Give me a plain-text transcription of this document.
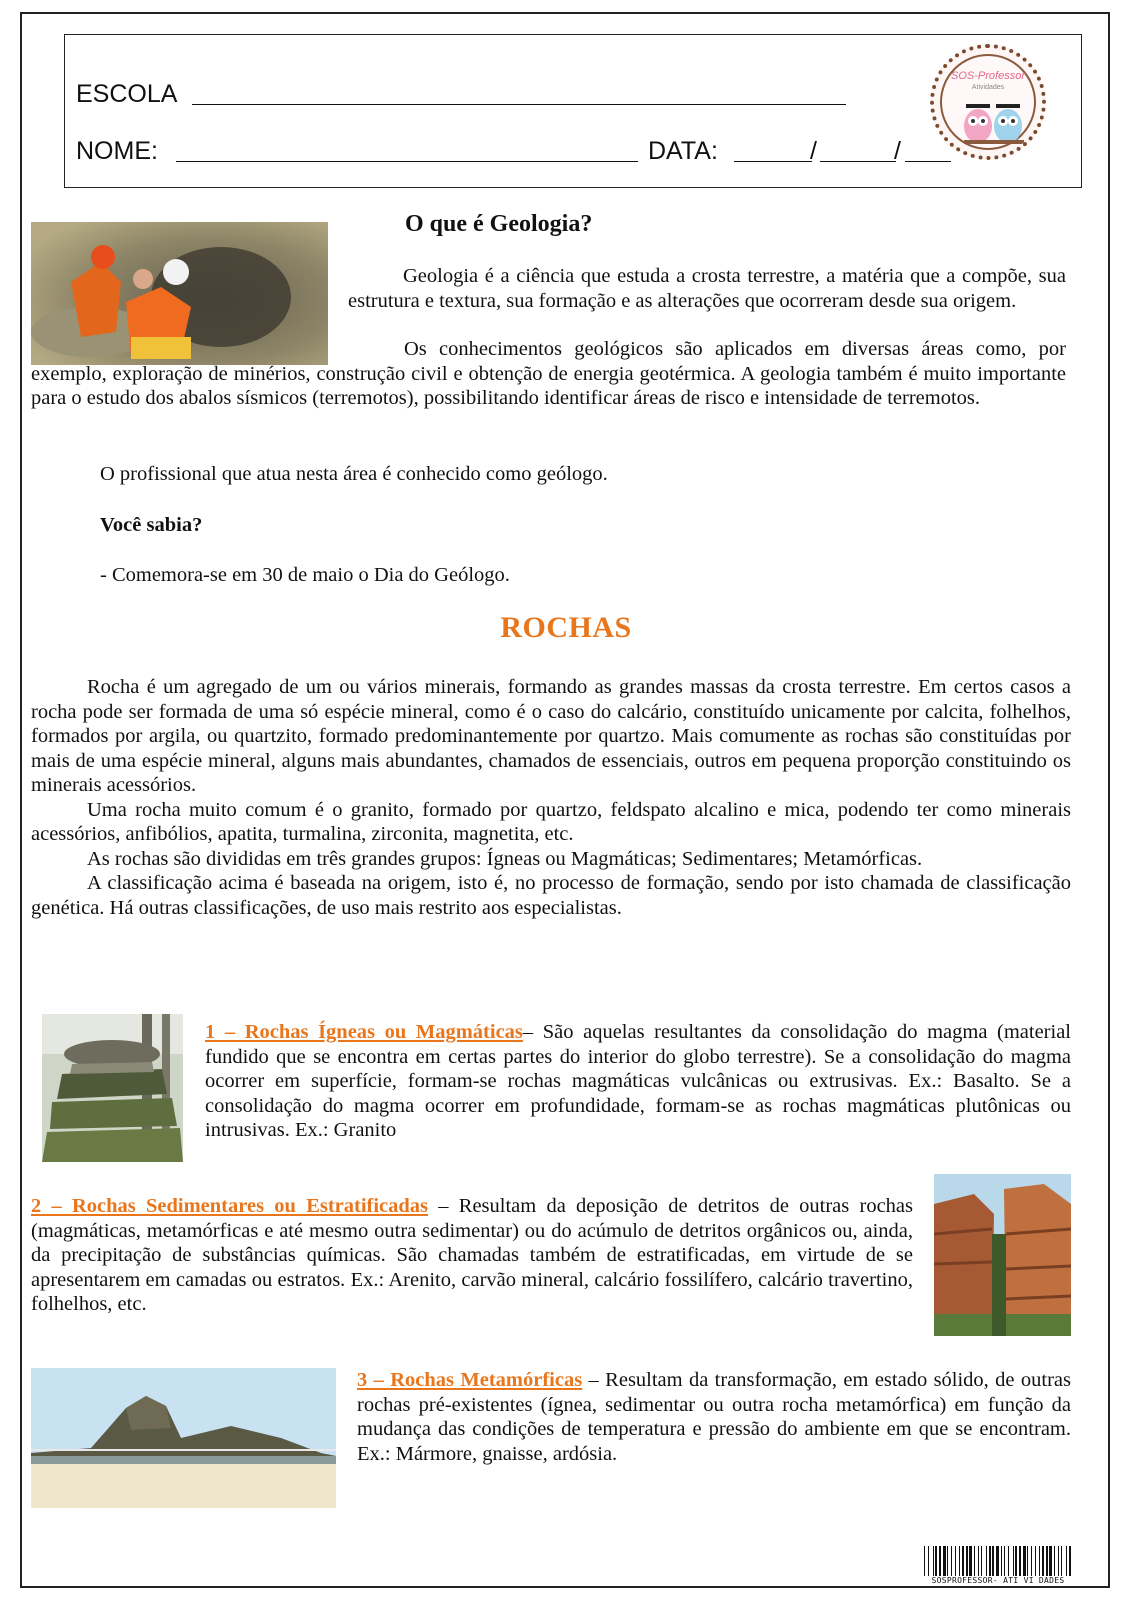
ESCOLA
NOME:	DATA:	/	/
SOS-Professor
Atividades
O que é Geologia?

Geologia é a ciência que estuda a crosta terrestre, a matéria que a compõe, sua estrutura e textura, sua formação e as alterações que ocorreram desde sua origem.

Os conhecimentos geológicos são aplicados em diversas áreas como, por exemplo, exploração de minérios, construção civil e obtenção de energia geotérmica. A geologia também é muito importante para o estudo dos abalos sísmicos (terremotos), possibilitando identificar áreas de risco e intensidade de terremotos.

O profissional que atua nesta área é conhecido como geólogo.
Você sabia?
- Comemora-se em 30 de maio o Dia do Geólogo.
ROCHAS

Rocha é um agregado de um ou vários minerais, formando as grandes massas da crosta terrestre. Em certos casos a rocha pode ser formada de uma só espécie mineral, como é o caso do calcário, constituído unicamente por calcita, folhelhos, formados por argila, ou quartzito, formado predominantemente por quartzo. Mais comumente as rochas são constituídas por mais de uma espécie mineral, alguns mais abundantes, chamados de essenciais, outros em pequena proporção constituindo os minerais acessórios.

Uma rocha muito comum é o granito, formado por quartzo, feldspato alcalino e mica, podendo ter como minerais acessórios, anfibólios, apatita, turmalina, zirconita, magnetita, etc.

As rochas são divididas em três grandes grupos: Ígneas ou Magmáticas; Sedimentares; Metamórficas.

A classificação acima é baseada na origem, isto é, no processo de formação, sendo por isto chamada de classificação genética. Há outras classificações, de uso mais restrito aos especialistas.

1 – Rochas Ígneas ou Magmáticas– São aquelas resultantes da consolidação do magma (material fundido que se encontra em certas partes do interior do globo terrestre). Se a consolidação do magma ocorrer em superfície, formam-se rochas magmáticas vulcânicas ou extrusivas. Ex.: Basalto. Se a consolidação do magma ocorrer em profundidade, formam-se as rochas magmáticas plutônicas ou intrusivas. Ex.: Granito
2 – Rochas Sedimentares ou Estratificadas – Resultam da deposição de detritos de outras rochas (magmáticas, metamórficas e até mesmo outra sedimentar) ou do acúmulo de detritos orgânicos ou, ainda, da precipitação de substâncias químicas. São chamadas também de estratificadas, em virtude de se apresentarem em camadas ou estratos. Ex.: Arenito, carvão mineral, calcário fossilífero, calcário travertino, folhelhos, etc.
3 – Rochas Metamórficas – Resultam da transformação, em estado sólido, de outras rochas pré-existentes (ígnea, sedimentar ou outra rocha metamórfica) em função da mudança das condições de temperatura e pressão do ambiente em que se encontram. Ex.: Mármore, gnaisse, ardósia.
SOSPROFESSOR- ATI VI DADES
